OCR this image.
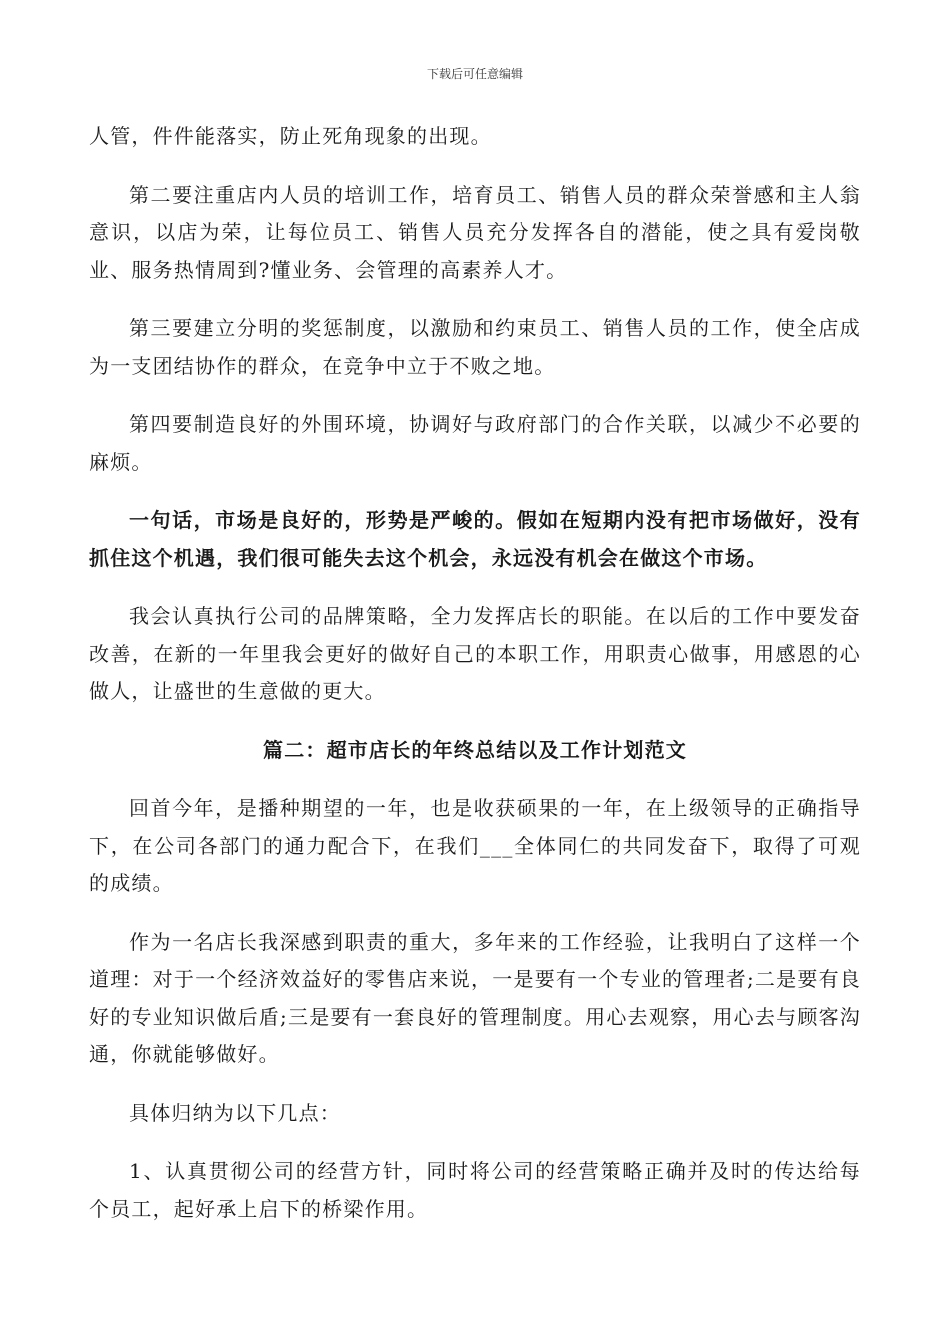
下载后可任意编辑

人管，件件能落实，防止死角现象的出现。

第二要注重店内人员的培训工作，培育员工、销售人员的群众荣誉感和主人翁意识，以店为荣，让每位员工、销售人员充分发挥各自的潜能，使之具有爱岗敬业、服务热情周到?懂业务、会管理的高素养人才。

第三要建立分明的奖惩制度，以激励和约束员工、销售人员的工作，使全店成为一支团结协作的群众，在竞争中立于不败之地。

第四要制造良好的外围环境，协调好与政府部门的合作关联，以减少不必要的麻烦。

一句话，市场是良好的，形势是严峻的。假如在短期内没有把市场做好，没有抓住这个机遇，我们很可能失去这个机会，永远没有机会在做这个市场。

我会认真执行公司的品牌策略，全力发挥店长的职能。在以后的工作中要发奋改善，在新的一年里我会更好的做好自己的本职工作，用职责心做事，用感恩的心做人，让盛世的生意做的更大。

篇二：超市店长的年终总结以及工作计划范文

回首今年，是播种期望的一年，也是收获硕果的一年，在上级领导的正确指导下，在公司各部门的通力配合下，在我们___全体同仁的共同发奋下，取得了可观的成绩。

作为一名店长我深感到职责的重大，多年来的工作经验，让我明白了这样一个道理：对于一个经济效益好的零售店来说，一是要有一个专业的管理者;二是要有良好的专业知识做后盾;三是要有一套良好的管理制度。用心去观察，用心去与顾客沟通，你就能够做好。

具体归纳为以下几点：

1、认真贯彻公司的经营方针，同时将公司的经营策略正确并及时的传达给每个员工，起好承上启下的桥梁作用。
